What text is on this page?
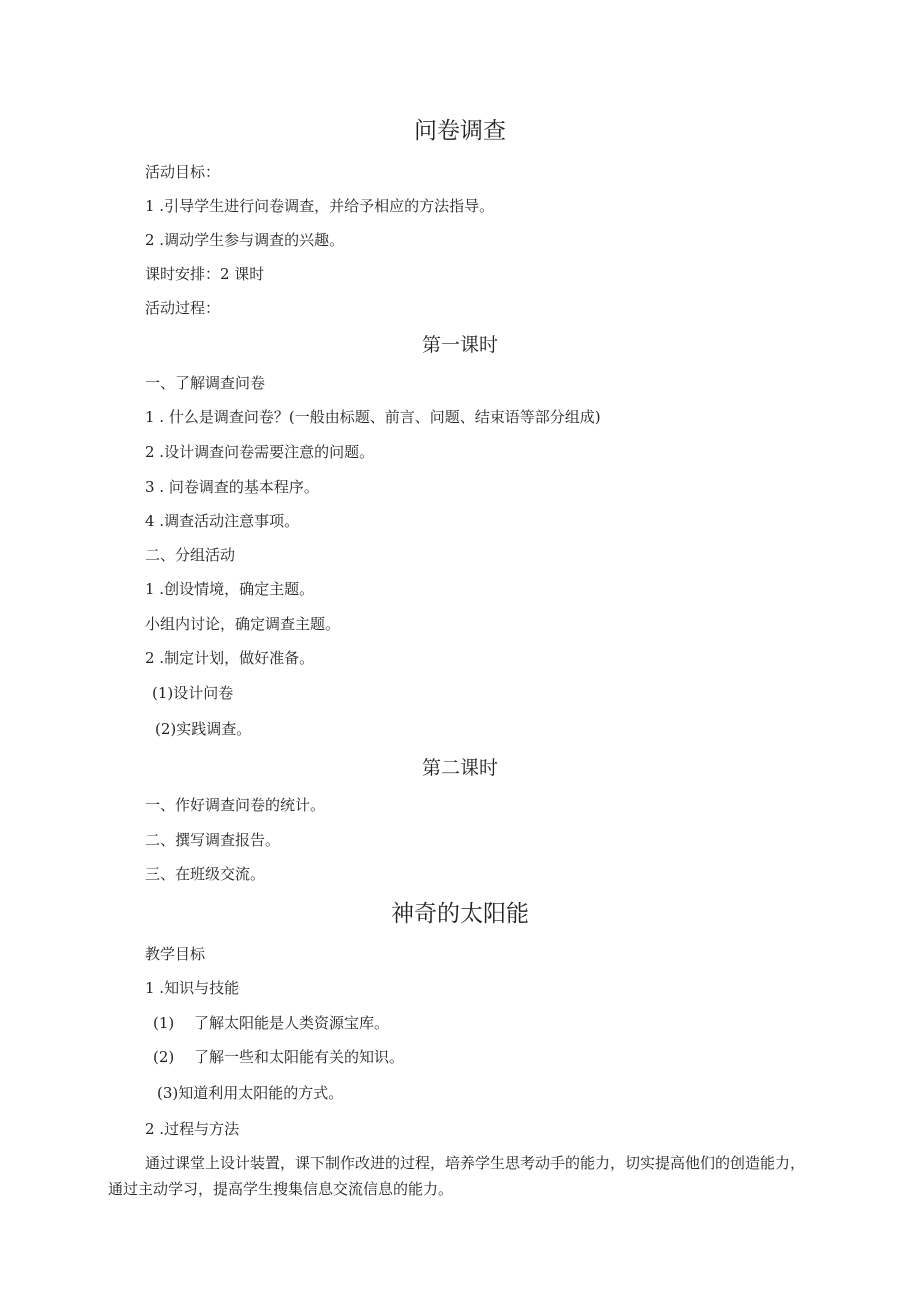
问卷调查
活动目标：
1 .引导学生进行问卷调查，并给予相应的方法指导。
2 .调动学生参与调查的兴趣。
课时安排：2 课时
活动过程：
第一课时
一、了解调查问卷
1 . 什么是调查问卷？(一般由标题、前言、问题、结束语等部分组成)
2 .设计调查问卷需要注意的问题。
3 . 问卷调查的基本程序。
4 .调查活动注意事项。
二、分组活动
1 .创设情境，确定主题。
小组内讨论，确定调查主题。
2 .制定计划，做好准备。
(1)设计问卷
(2)实践调查。
第二课时
一、作好调查问卷的统计。
二、撰写调查报告。
三、在班级交流。
神奇的太阳能
教学目标
1 .知识与技能
(1)　 了解太阳能是人类资源宝库。
(2)　 了解一些和太阳能有关的知识。
(3)知道利用太阳能的方式。
2 .过程与方法
通过课堂上设计装置，课下制作改进的过程，培养学生思考动手的能力，切实提高他们的创造能力，通过主动学习，提高学生搜集信息交流信息的能力。
